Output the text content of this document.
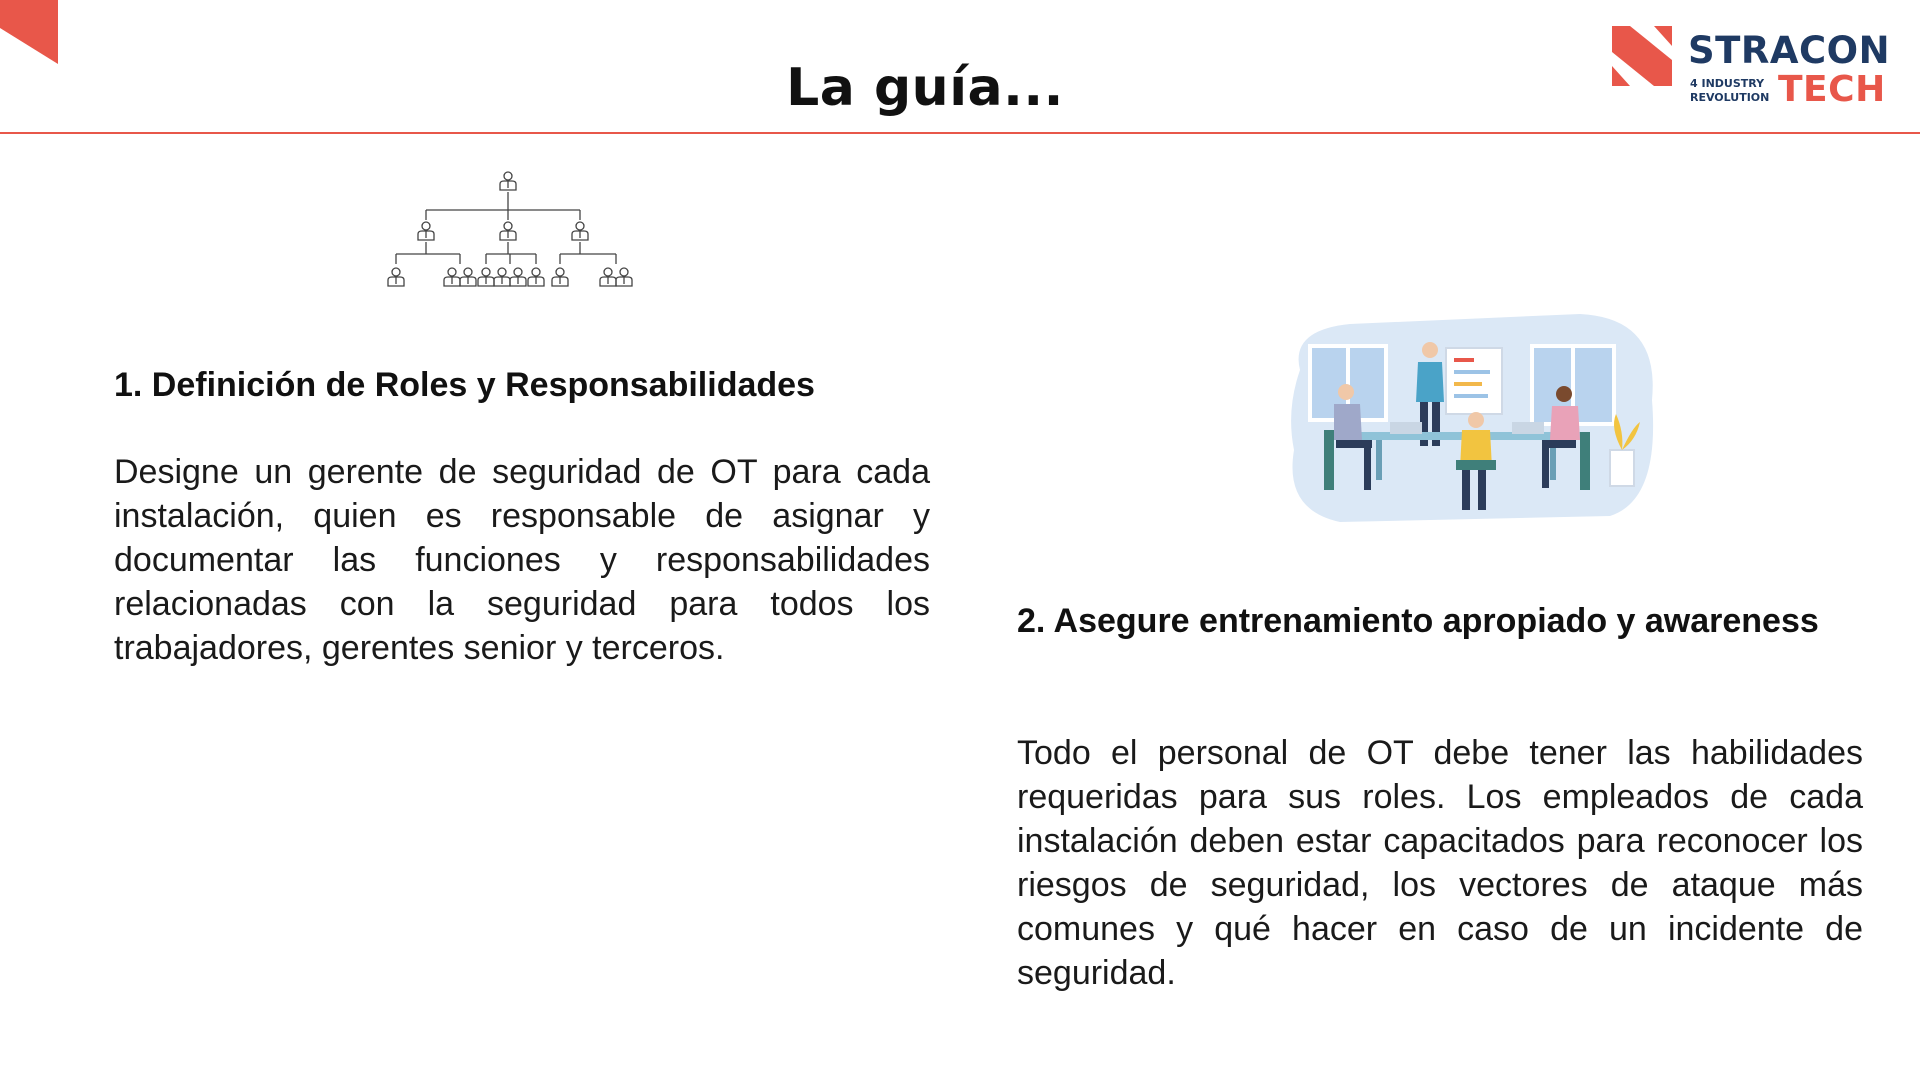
La guía...
STRACON
4 INDUSTRY
REVOLUTION TECH
1. Definición de Roles y Responsabilidades

Designe un gerente de seguridad de OT para cada instalación, quien es responsable de asignar y documentar las funciones y responsabilidades relacionadas con la seguridad para todos los trabajadores, gerentes senior y terceros.

2. Asegure entrenamiento apropiado y awareness

Todo el personal de OT debe tener las habilidades requeridas para sus roles. Los empleados de cada instalación deben estar capacitados para reconocer los riesgos de seguridad, los vectores de ataque más comunes y qué hacer en caso de un incidente de seguridad.
